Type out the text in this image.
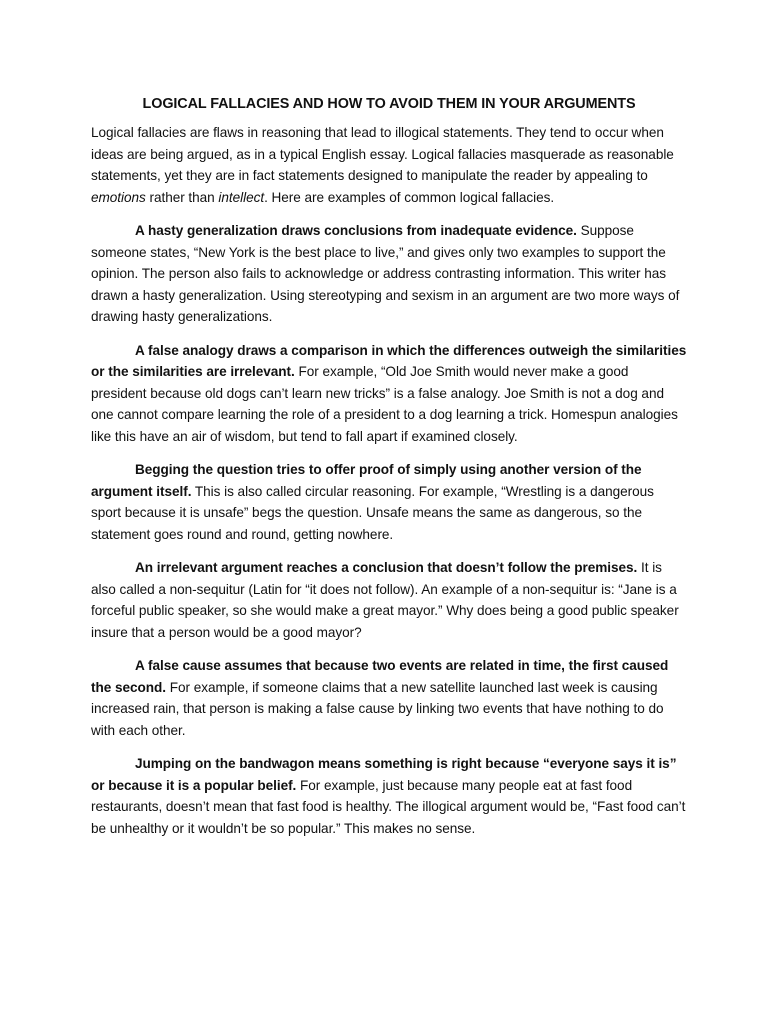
LOGICAL FALLACIES AND HOW TO AVOID THEM IN YOUR ARGUMENTS

Logical fallacies are flaws in reasoning that lead to illogical statements. They tend to occur when ideas are being argued, as in a typical English essay. Logical fallacies masquerade as reasonable statements, yet they are in fact statements designed to manipulate the reader by appealing to emotions rather than intellect. Here are examples of common logical fallacies.

A hasty generalization draws conclusions from inadequate evidence. Suppose someone states, “New York is the best place to live,” and gives only two examples to support the opinion. The person also fails to acknowledge or address contrasting information. This writer has drawn a hasty generalization. Using stereotyping and sexism in an argument are two more ways of drawing hasty generalizations.

A false analogy draws a comparison in which the differences outweigh the similarities or the similarities are irrelevant. For example, “Old Joe Smith would never make a good president because old dogs can’t learn new tricks” is a false analogy. Joe Smith is not a dog and one cannot compare learning the role of a president to a dog learning a trick. Homespun analogies like this have an air of wisdom, but tend to fall apart if examined closely.

Begging the question tries to offer proof of simply using another version of the argument itself. This is also called circular reasoning. For example, “Wrestling is a dangerous sport because it is unsafe” begs the question. Unsafe means the same as dangerous, so the statement goes round and round, getting nowhere.

An irrelevant argument reaches a conclusion that doesn’t follow the premises. It is also called a non-sequitur (Latin for “it does not follow). An example of a non-sequitur is: “Jane is a forceful public speaker, so she would make a great mayor.” Why does being a good public speaker insure that a person would be a good mayor?

A false cause assumes that because two events are related in time, the first caused the second. For example, if someone claims that a new satellite launched last week is causing increased rain, that person is making a false cause by linking two events that have nothing to do with each other.

Jumping on the bandwagon means something is right because “everyone says it is” or because it is a popular belief. For example, just because many people eat at fast food restaurants, doesn’t mean that fast food is healthy. The illogical argument would be, “Fast food can’t be unhealthy or it wouldn’t be so popular.” This makes no sense.
